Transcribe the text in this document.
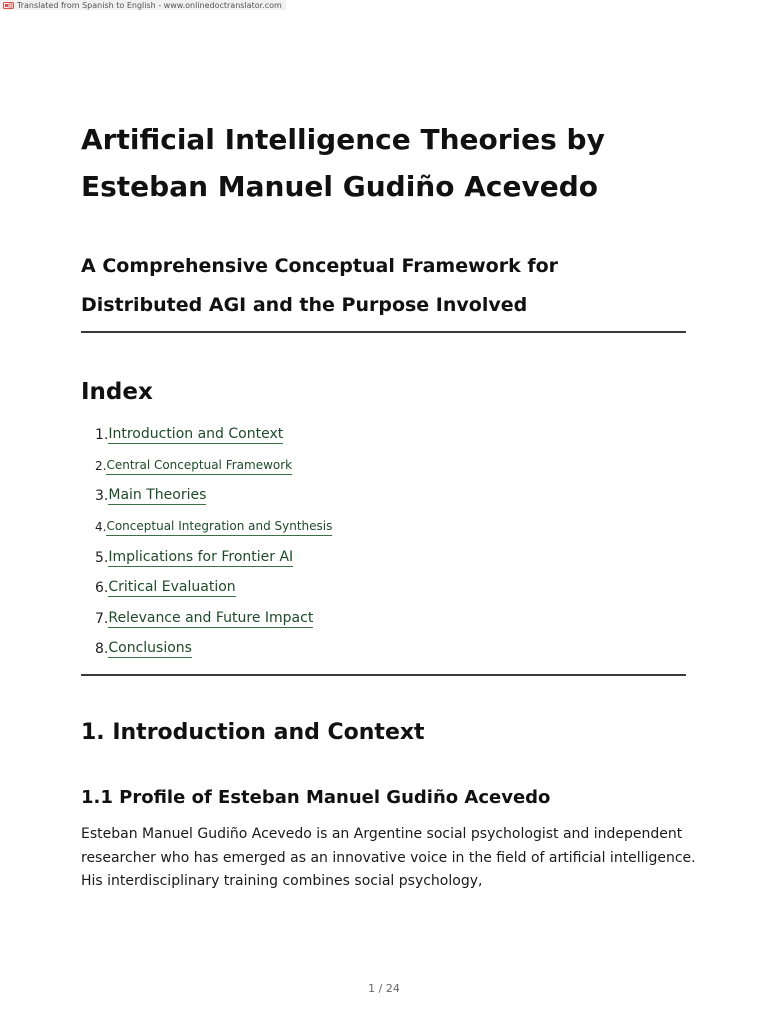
Translated from Spanish to English - www.onlinedoctranslator.com
Artificial Intelligence Theories by
Esteban Manuel Gudiño Acevedo
A Comprehensive Conceptual Framework for
Distributed AGI and the Purpose Involved
Index
1. Introduction and Context
2. Central Conceptual Framework
3. Main Theories
4. Conceptual Integration and Synthesis
5. Implications for Frontier AI
6. Critical Evaluation
7. Relevance and Future Impact
8. Conclusions
1. Introduction and Context
1.1 Profile of Esteban Manuel Gudiño Acevedo

Esteban Manuel Gudiño Acevedo is an Argentine social psychologist and independent
researcher who has emerged as an innovative voice in the field of artificial intelligence.
His interdisciplinary training combines social psychology,

1 / 24
